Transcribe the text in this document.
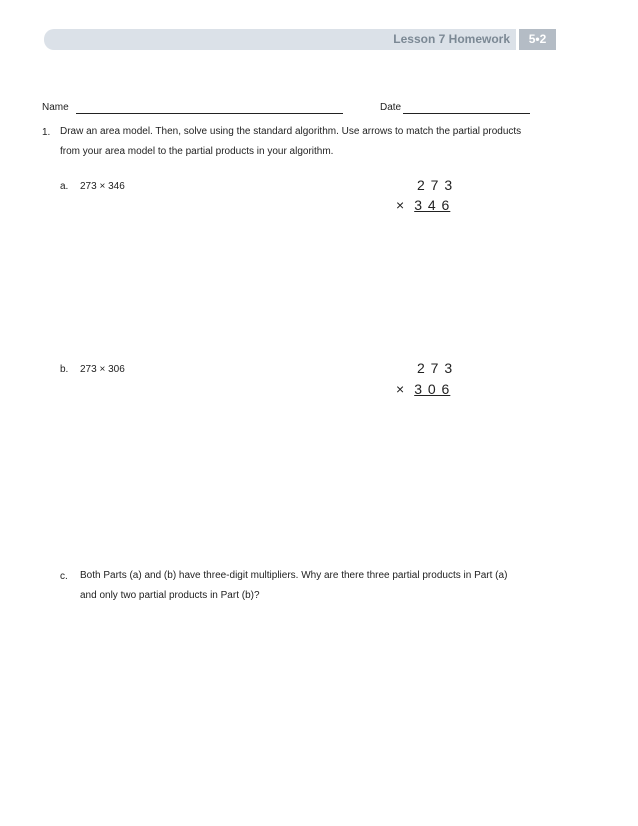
Lesson 7 Homework	5•2
Name	Date
1. Draw an area model. Then, solve using the standard algorithm. Use arrows to match the partial products
from your area model to the partial products in your algorithm.
a. 273 × 346	2 7 3
× 3 4 6
b. 273 × 306	2 7 3
× 3 0 6
c. Both Parts (a) and (b) have three-digit multipliers. Why are there three partial products in Part (a)
and only two partial products in Part (b)?
